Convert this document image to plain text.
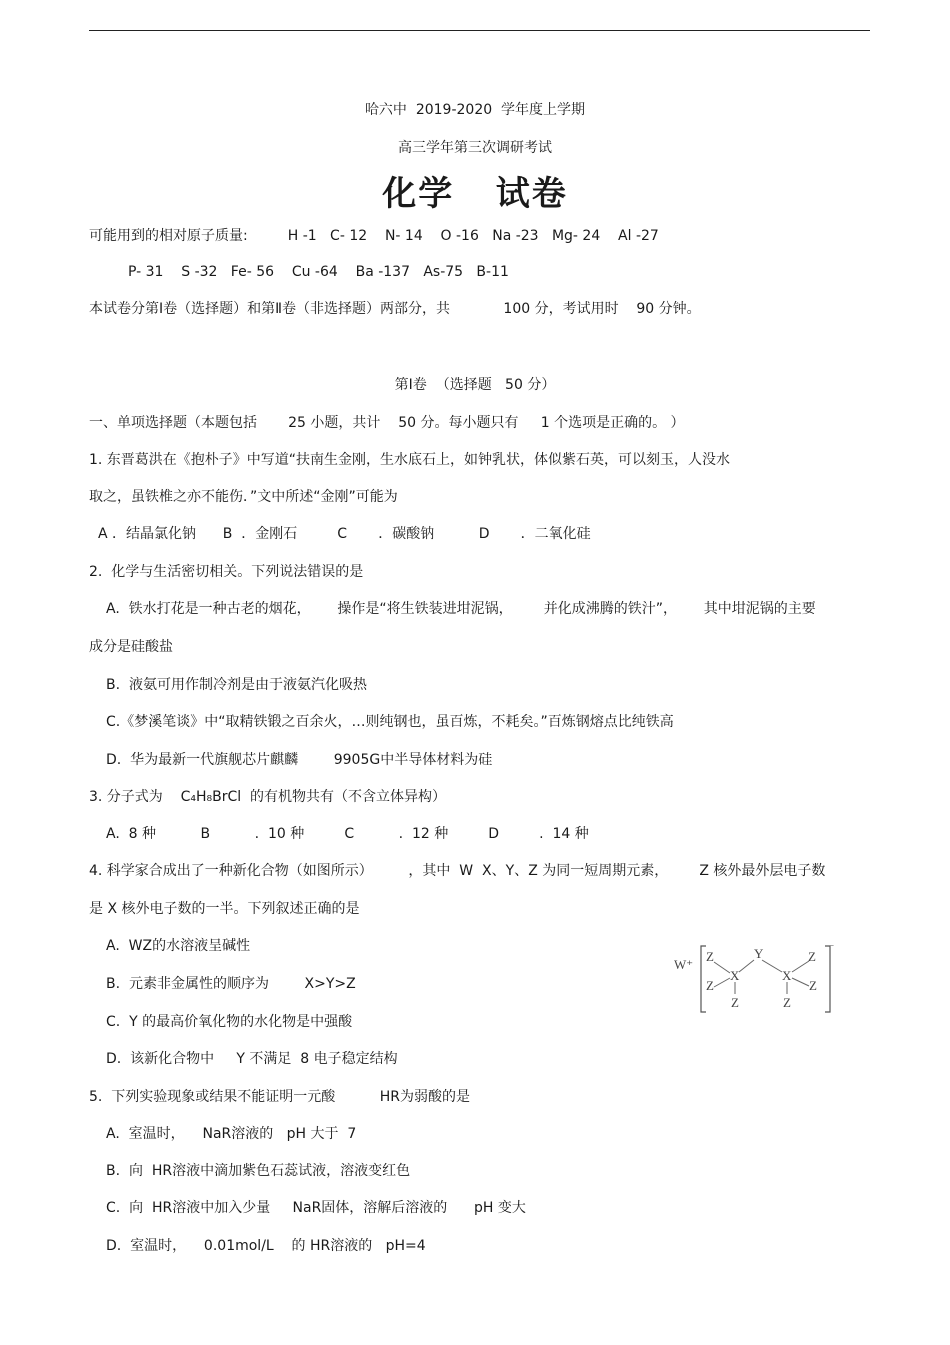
哈六中  2019-2020  学年度上学期
高三学年第三次调研考试
化学   试卷
可能用到的相对原子质量:         H -1   C- 12    N- 14    O -16   Na -23   Mg- 24    Al -27
P- 31    S -32   Fe- 56    Cu -64    Ba -137   As-75   B-11
本试卷分第Ⅰ卷（选择题）和第Ⅱ卷（非选择题）两部分，共            100 分，考试用时    90 分钟。
第Ⅰ卷  （选择题   50 分）
一、单项选择题（本题包括       25 小题，共计    50 分。每小题只有     1 个选项是正确的。 ）
1. 东晋葛洪在《抱朴子》中写道“扶南生金刚，生水底石上，如钟乳状，体似紫石英，可以刻玉，人没水
取之，虽铁椎之亦不能伤．”文中所述“金刚”可能为
A ．结晶氯化钠      B  ．金刚石         C       ．碳酸钠          D       ．二氧化硅
2.  化学与生活密切相关。下列说法错误的是
A.  铁水打花是一种古老的烟花，      操作是“将生铁装进坩泥锅，       并化成沸腾的铁汁”，      其中坩泥锅的主要
成分是硅酸盐
B.  液氨可用作制冷剂是由于液氨汽化吸热
C.《梦溪笔谈》中“取精铁锻之百余火，…则纯钢也，虽百炼，不耗矣。”百炼钢熔点比纯铁高
D.  华为最新一代旗舰芯片麒麟        9905G中半导体材料为硅
3. 分子式为    C₄H₈BrCl  的有机物共有（不含立体异构）
A.  8 种          B          .  10 种         C          .  12 种         D         .  14 种
4. 科学家合成出了一种新化合物（如图所示）        ，其中  W  X、Y、Z 为同一短周期元素，       Z 核外最外层电子数
是 X 核外电子数的一半。下列叙述正确的是
A.  WZ的水溶液呈碱性
B.  元素非金属性的顺序为        X>Y>Z
C.  Y 的最高价氧化物的水化物是中强酸
D.  该新化合物中     Y 不满足  8 电子稳定结构
W⁺
⁻
Z
Z
Z
X
Y
X
Z
Z
Z
5.  下列实验现象或结果不能证明一元酸          HR为弱酸的是
A.  室温时，    NaR溶液的   pH 大于  7
B.  向  HR溶液中滴加紫色石蕊试液，溶液变红色
C.  向  HR溶液中加入少量     NaR固体，溶解后溶液的      pH 变大
D.  室温时，    0.01mol/L    的 HR溶液的   pH=4
